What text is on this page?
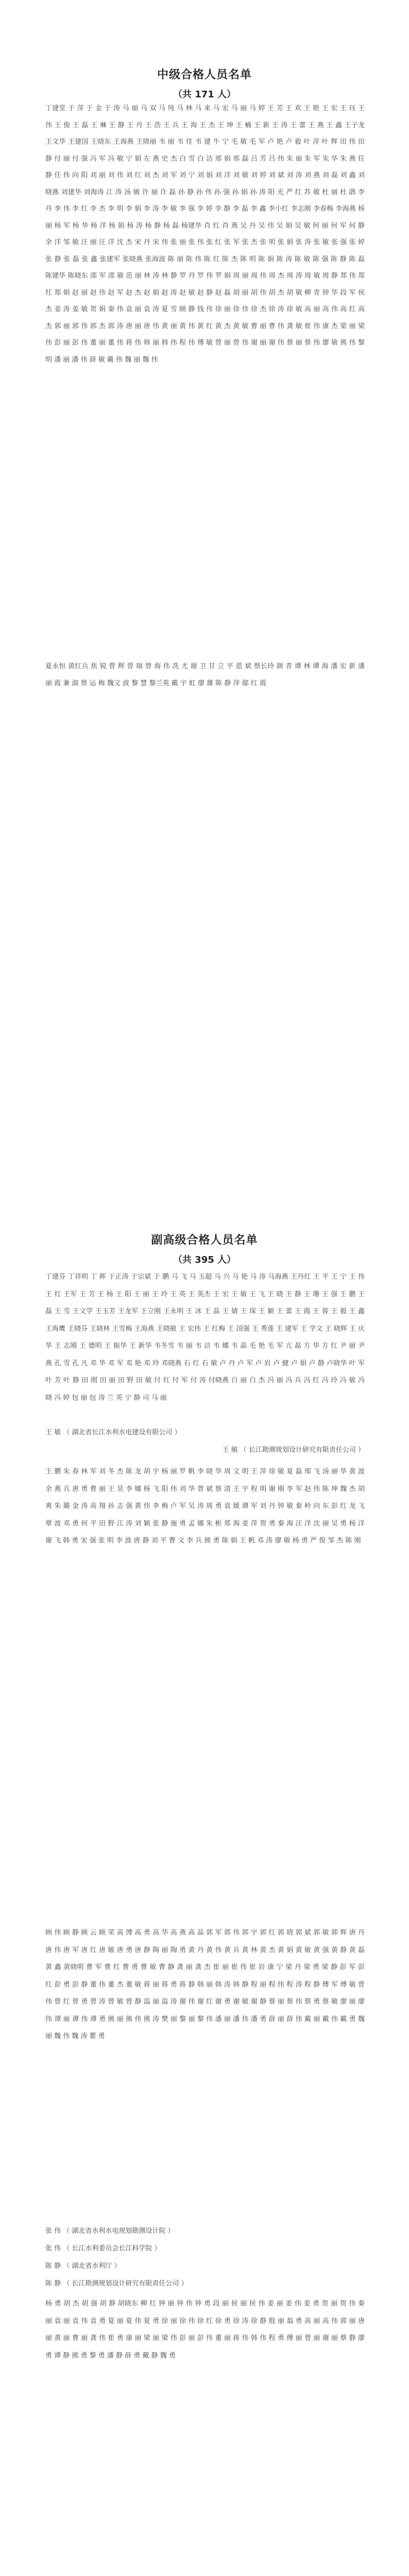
中级合格人员名单
（共 171 人）
丁建堂 于 萍 于 金 于 涛 马 丽 马 双 马 纯 马 林 马 来 马 宏 马 丽 马 婷 王 芳 王 欢 王 艳 王 宏 王 珏 王 伟 王 俊 王 磊 王 琳 王 静 王 丹 王 浩 王 兵 王 海 王 杰 王 坤 王 楠 王 新 王 涛 王 蕾 王 燕 王 鑫 王子龙 王文华 王建国 王晓东 王海燕 王晓丽 韦 丽 韦 佳 韦 建 牛 宁 毛 敏 毛 军 卢 艳 卢 毅 叶 萍 叶 辉 田 伟 田 静 付 丽 付 强 冯 军 冯 敏 宁 娟 左 燕 史 杰 白 雪 白 洁 邢 娟 邢 磊 吕 芳 吕 伟 朱 丽 朱 军 朱 华 朱 燕 任 静 任 伟 向 阳 刘 丽 刘 伟 刘 红 刘 杰 刘 军 刘 宁 刘 娟 刘 洋 刘 敏 刘 婷 刘 斌 刘 涛 刘 燕 刘 磊 刘 鑫 刘晓燕 刘建华 刘海涛 江 涛 汤 敏 许 丽 许 磊 孙 静 孙 伟 孙 强 孙 娟 孙 涛 阳 光 严 红 苏 敏 杜 丽 杜 鹃 李 丹 李 伟 李 红 李 杰 李 明 李 娟 李 涛 李 敏 李 强 李 婷 李 静 李 磊 李 鑫 李小红 李志刚 李春梅 李海燕 杨 丽 杨 军 杨 华 杨 洋 杨 娟 杨 涛 杨 静 杨 磊 杨建华 肖 红 肖 燕 吴 丹 吴 伟 吴 娟 吴 敏 何 丽 何 军 何 静 余 洋 邹 敏 汪 丽 汪 洋 沈 杰 宋 丹 宋 伟 张 丽 张 伟 张 红 张 军 张 杰 张 明 张 娟 张 涛 张 敏 张 强 张 婷 张 静 张 磊 张 鑫 张建军 张晓燕 张海波 陈 丽 陈 伟 陈 红 陈 杰 陈 明 陈 娟 陈 涛 陈 敏 陈 强 陈 静 陈 磊 陈建华 陈晓东 邵 军 邵 敏 范 丽 林 涛 林 静 罗 丹 罗 伟 罗 娟 周 丽 周 伟 周 杰 周 涛 周 敏 周 静 郑 伟 郑 红 郑 娟 赵 丽 赵 伟 赵 军 赵 杰 赵 娟 赵 涛 赵 敏 赵 静 赵 磊 胡 丽 胡 伟 胡 杰 胡 敏 柳 青 钟 华 段 军 侯 杰 姜 涛 姜 敏 贺 娟 秦 伟 袁 丽 袁 涛 夏 雪 顾 静 钱 伟 徐 丽 徐 伟 徐 杰 徐 涛 徐 敏 高 丽 高 伟 高 红 高 杰 郭 丽 郭 伟 郭 杰 郭 涛 唐 丽 唐 伟 黄 丽 黄 伟 黄 红 黄 杰 黄 敏 曹 丽 曹 伟 龚 敏 崔 伟 康 杰 梁 丽 梁 伟 彭 丽 彭 伟 董 丽 董 伟 蒋 伟 韩 丽 韩 伟 程 伟 傅 敏 曾 丽 曾 伟 谢 丽 谢 伟 蔡 丽 蔡 伟 廖 敏 熊 伟 黎 明 潘 丽 潘 伟 薛 敏 戴 伟 魏 丽 魏 伟
夏永恒 黄红兵 焦 锐 曾 辉 曾 瑞 曾 海 伟 冼 尤 谢 卫 甘 立 平 恩 斌 蔡长玲 颜 青 谭 林 谭 海 潘 宏 新 潘 丽 霞 兼 淑 蔡 运 梅 魏文 波 黎 慧 黎兰英 戴 宇 虹 廖 雄 陈 静 萍 鄢 红 霞
副高级合格人员名单
（共 395 人）
丁建芬 丁祥明 丁 晖 于正涛 于宗斌 于 鹏 马 飞 马 玉超 马 兴 马 艳 马 涛 马海燕 王丹红 王 平 王 宁 王 伟 王 红 王军 王 芳 王 杨 王 阳 王 丽 王 玲 王 英 王 英杰 王 宏 王 敏 王 飞 王 晓 王 静 王 珊 王 强 王 鹏 王 磊 王 雪 王文学 王玉芳 王龙军 王立刚 王永明 王 冰 王 晶 王 婧 王 琛 王 颖 王 蕾 王 霞 王 蓉 王 毅 王 鑫 王海鹰 王晓芬 王晓林 王雪梅 王海燕 王晓敏 王 宏伟 王 红梅 王 国强 王 秀莲 王 建军 王 学文 王 晓辉 王 庆华 王 志刚 王 德明 王 振华 王 新华 韦冬雪 韦 丽 韦 洁 韦 娜 韦 晶 毛 艳 毛 军 亢 磊 方 华 方 红 尹 丽 尹 燕 孔 雪 孔 凡 邓 华 邓 军 邓 艳 邓 玲 邓晓燕 石 红 石 敏 卢 丹 卢 军 卢 岩 卢 健 卢 娟 卢 静 卢晓华 叶 军 叶 芳 叶 静 田 刚 田 丽 田 野 田 敏 付 红 付 军 付 涛 付晓燕 白 丽 白 杰 冯 丽 冯 兵 冯 红 冯 玲 冯 敏 冯 晓 冯 婷 包 丽 包 涛 兰 英 宁 静 司 马 丽
王 敏 （ 湖北省长江水利水电建设有限公司 ）
王 敏 （ 长江勘测规划设计研究有限责任公司 ）
王 鹏 朱 春 林 军 刘 冬 杰 陈 龙 胡 宇 杨 丽 罗 帆 李 晓 华 周 文 明 王 萍 徐 敏 夏 磊 邢 飞 汤 丽 华 黄 波 余 燕 兵 唐 勇 曹 丽 王 昊 李 娜 杨 飞 阳 伟 刘 华 曾 斌 蔡 清 王 宇 程 明 谢 刚 李 军 赵 伟 陈 坤 魏 杰 胡 爽 朱 璐 金 涛 高 翔 孙 志 强 黄 伟 李 梅 卢 军 吴 涛 周 勇 袁 媛 谭 军 刘 丹 钟 敏 秦 岭 向 东 彭 红 龙 飞 覃 波 邓 勇 何 平 田 野 江 涛 刘 颖 张 静 施 勇 孟 娜 朱 彬 郑 海 姜 萍 贺 勇 秦 海 汪 洋 沈 丽 吴 勇 杨 洋 谢 飞 韩 勇 宋 强 张 明 李 波 唐 静 刘 平 曹 文 李 兵 熊 勇 陈 娟 王 帆 邓 涛 廖 敏 杨 勇 严 俊 邹 杰 陈 刚
顾 伟 顾 静 顾 云 顾 荣 高 博 高 勇 高 华 高 燕 高 晶 郭 军 郭 伟 郭 宇 郭 红 郭 晓 郭 斌 郭 敏 郭 辉 唐 丹 唐 伟 唐 军 唐 红 唐 敏 唐 勇 唐 静 陶 丽 陶 勇 黄 丹 黄 伟 黄 兵 黄 林 黄 杰 黄 娟 黄 敏 黄 强 黄 静 黄 磊 黄 鑫 黄晓明 曹 军 曹 红 曹 勇 曹 敏 曹 静 龚 丽 龚 杰 崔 丽 崔 伟 崔 岩 康 宁 梁 丹 梁 勇 梁 静 彭 军 彭 红 彭 勇 彭 静 董 伟 董 杰 董 敏 蒋 丽 蒋 勇 蒋 静 韩 丽 韩 涛 韩 静 程 丽 程 伟 程 涛 程 静 傅 军 傅 敏 曾 伟 曾 红 曾 勇 曾 涛 曾 敏 曾 静 温 丽 温 涛 谢 伟 谢 红 谢 勇 谢 敏 谢 静 蔡 丽 蔡 伟 蔡 勇 蔡 敏 廖 丽 廖 伟 谭 丽 谭 伟 谭 勇 熊 丽 熊 伟 熊 涛 樊 丽 黎 丽 黎 伟 潘 丽 潘 伟 潘 勇 薛 丽 薛 伟 戴 丽 戴 伟 戴 勇 魏 丽 魏 伟 魏 涛 瞿 勇
张 伟 （ 湖北省水利水电规划勘测设计院 ）
张 伟 （ 长江水利委员会长江科学院 ）
陈 静 （ 湖北省水利厅 ）
陈 静 （ 长江勘测规划设计研究有限责任公司 ）
杨 勇 胡 杰 胡 强 胡 静 胡晓东 柳 红 钟 丽 钟 伟 钟 勇 段 丽 侯 丽 侯 伟 姜 丽 姜 伟 姜 勇 贺 丽 贺 伟 秦 丽 袁 丽 袁 伟 袁 勇 夏 丽 夏 伟 夏 勇 徐 丽 徐 伟 徐 红 徐 勇 徐 涛 徐 静 殷 丽 翁 勇 高 丽 高 伟 郭 丽 唐 丽 黄 丽 曹 丽 龚 伟 崔 勇 康 丽 梁 丽 梁 伟 彭 丽 彭 伟 董 丽 蒋 伟 韩 伟 程 勇 傅 丽 曾 丽 谢 丽 蔡 静 廖 勇 谭 静 熊 勇 黎 勇 潘 静 薛 勇 戴 静 魏 勇
